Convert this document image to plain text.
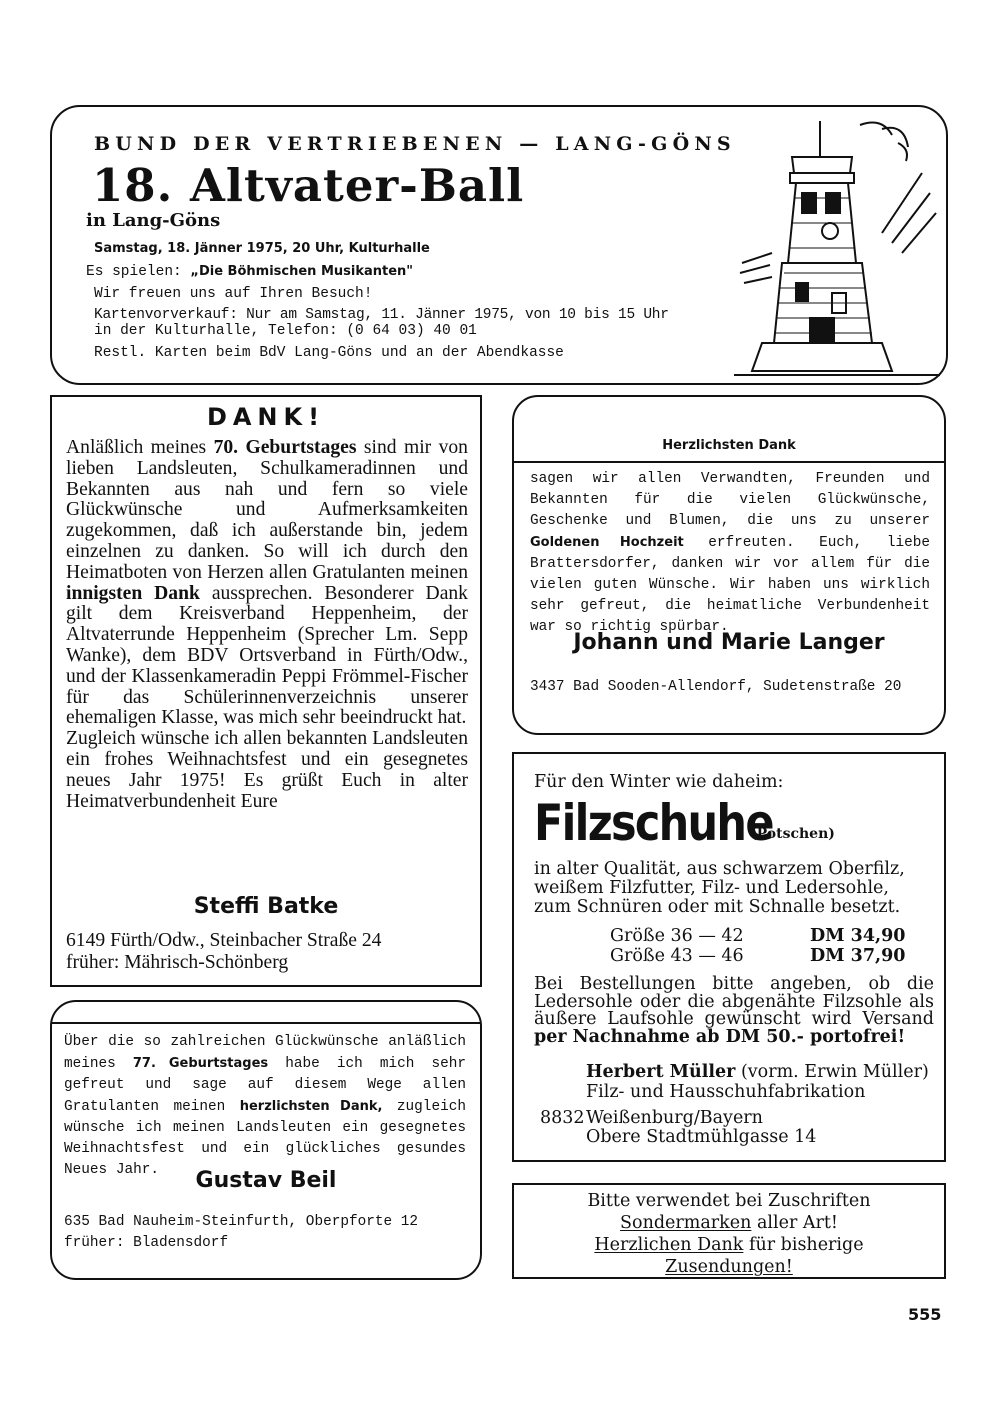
BUND DER VERTRIEBENEN — LANG-GÖNS
18. Altvater-Ball
in Lang-Göns
Samstag, 18. Jänner 1975, 20 Uhr, Kulturhalle
Es spielen: „Die Böhmischen Musikanten"
Wir freuen uns auf Ihren Besuch!
Kartenvorverkauf: Nur am Samstag, 11. Jänner 1975, von 10 bis 15 Uhr
in der Kulturhalle, Telefon: (0 64 03) 40 01
Restl. Karten beim BdV Lang-Göns und an der Abendkasse
DANK!

Anläßlich meines 70. Geburtstages sind mir von lieben Landsleuten, Schulkameradinnen und Bekannten aus nah und fern so viele Glückwünsche und Aufmerksamkeiten zugekommen, daß ich außerstande bin, jedem einzelnen zu danken. So will ich durch den Heimatboten von Herzen allen Gratulanten meinen innigsten Dank aussprechen. Besonderer Dank gilt dem Kreisverband Heppenheim, der Altvaterrunde Heppenheim (Sprecher Lm. Sepp Wanke), dem BDV Ortsverband in Fürth/Odw., und der Klassenkameradin Peppi Frömmel-Fischer für das Schülerinnenverzeichnis unserer ehemaligen Klasse, was mich sehr beeindruckt hat.

Zugleich wünsche ich allen bekannten Landsleuten ein frohes Weihnachtsfest und ein gesegnetes neues Jahr 1975! Es grüßt Euch in alter Heimatverbundenheit Eure

Steffi Batke
6149 Fürth/Odw., Steinbacher Straße 24
früher: Mährisch-Schönberg
Herzlichsten Dank
sagen wir allen Verwandten, Freunden und Bekannten für die vielen Glückwünsche, Geschenke und Blumen, die uns zu unserer Goldenen Hochzeit erfreuten. Euch, liebe Brattersdorfer, danken wir vor allem für die vielen guten Wünsche. Wir haben uns wirklich sehr gefreut, die heimatliche Verbundenheit war so richtig spürbar.
Johann und Marie Langer
3437 Bad Sooden-Allendorf, Sudetenstraße 20
Für den Winter wie daheim:
Filzschuhe
(Potschen)
in alter Qualität, aus schwarzem Oberfilz,
weißem Filzfutter, Filz- und Ledersohle,
zum Schnüren oder mit Schnalle besetzt.
Größe 36 — 42	DM 34,90
Größe 43 — 46	DM 37,90
Bei Bestellungen bitte angeben, ob die Ledersohle oder die abgenähte Filzsohle als äußere Laufsohle gewünscht wird Versand per Nachnahme ab DM 50.- portofrei!
Herbert Müller (vorm. Erwin Müller)
Filz- und Hausschuhfabrikation
8832Weißenburg/Bayern
Obere Stadtmühlgasse 14
Über die so zahlreichen Glückwünsche anläßlich meines 77. Geburtstages habe ich mich sehr gefreut und sage auf diesem Wege allen Gratulanten meinen herzlichsten Dank, zugleich wünsche ich meinen Landsleuten ein gesegnetes Weihnachtsfest und ein glückliches gesundes Neues Jahr.	Gustav Beil
635 Bad Nauheim-Steinfurth, Oberpforte 12
früher: Bladensdorf
Bitte verwendet bei Zuschriften
Sondermarken aller Art!
Herzlichen Dank für bisherige
Zusendungen!
555
